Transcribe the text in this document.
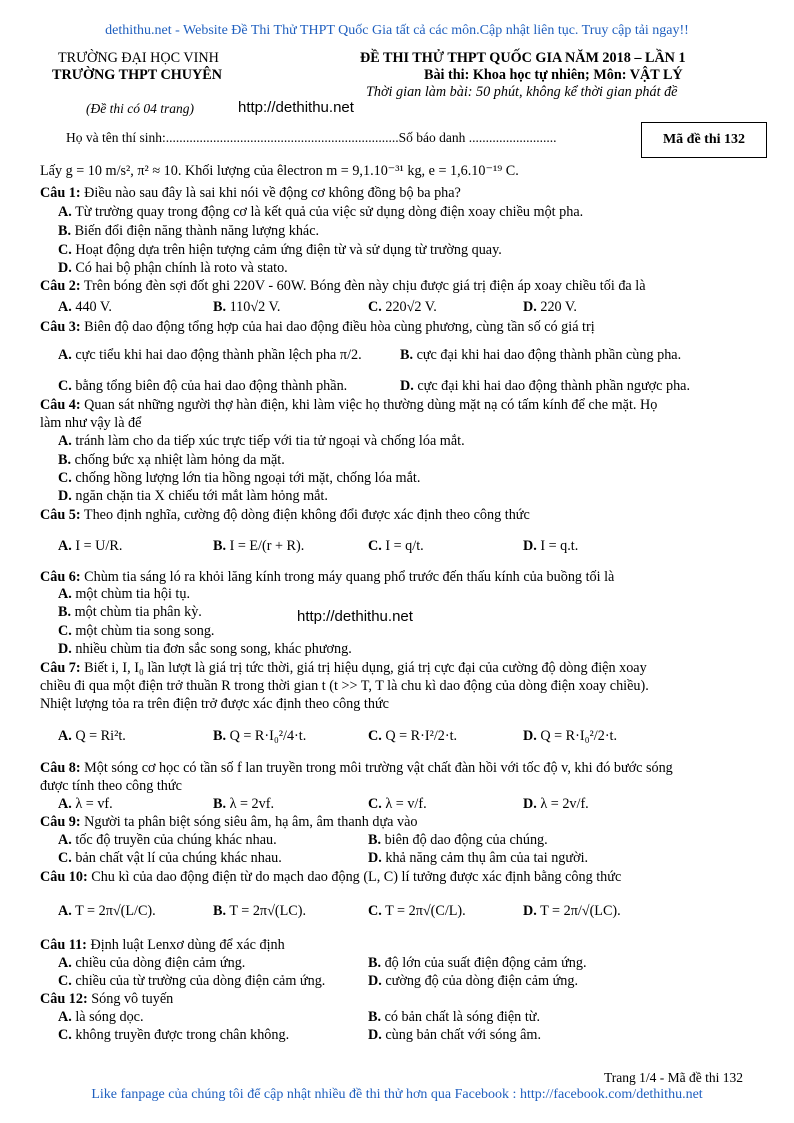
dethithu.net - Website Đề Thi Thử THPT Quốc Gia tất cả các môn.Cập nhật liên tục. Truy cập tải ngay!!
TRƯỜNG ĐẠI HỌC VINH
TRƯỜNG THPT CHUYÊN
ĐỀ THI THỬ THPT QUỐC GIA NĂM 2018 – LẦN 1
Bài thi: Khoa học tự nhiên; Môn: VẬT LÝ
Thời gian làm bài: 50 phút, không kể thời gian phát đề
(Đề thi có 04 trang)	http://dethithu.net
Họ và tên thí sinh:.....................................................................Số báo danh ..........................	Mã đề thi 132
Lấy g = 10 m/s², π² ≈ 10. Khối lượng của êlectron m = 9,1.10⁻³¹ kg, e = 1,6.10⁻¹⁹ C.
Câu 1: Điều nào sau đây là sai khi nói về động cơ không đồng bộ ba pha?
A. Từ trường quay trong động cơ là kết quả của việc sử dụng dòng điện xoay chiều một pha.
B. Biến đổi điện năng thành năng lượng khác.
C. Hoạt động dựa trên hiện tượng cảm ứng điện từ và sử dụng từ trường quay.
D. Có hai bộ phận chính là roto và stato.
Câu 2: Trên bóng đèn sợi đốt ghi 220V - 60W. Bóng đèn này chịu được giá trị điện áp xoay chiều tối đa là
A. 440 V.	B. 110√2 V.	C. 220√2 V.	D. 220 V.
Câu 3: Biên độ dao động tổng hợp của hai dao động điều hòa cùng phương, cùng tần số có giá trị
A. cực tiểu khi hai dao động thành phần lệch pha π/2.	B. cực đại khi hai dao động thành phần cùng pha.
C. bằng tổng biên độ của hai dao động thành phần.	D. cực đại khi hai dao động thành phần ngược pha.
Câu 4: Quan sát những người thợ hàn điện, khi làm việc họ thường dùng mặt nạ có tấm kính để che mặt. Họ
làm như vậy là để
A. tránh làm cho da tiếp xúc trực tiếp với tia tử ngoại và chống lóa mắt.
B. chống bức xạ nhiệt làm hỏng da mặt.
C. chống hồng lượng lớn tia hồng ngoại tới mặt, chống lóa mắt.
D. ngăn chặn tia X chiếu tới mắt làm hỏng mắt.
Câu 5: Theo định nghĩa, cường độ dòng điện không đổi được xác định theo công thức
A. I = U/R.	B. I = E/(r + R).	C. I = q/t.	D. I = q.t.
Câu 6: Chùm tia sáng ló ra khỏi lăng kính trong máy quang phổ trước đến thấu kính của buồng tối là
A. một chùm tia hội tụ.
B. một chùm tia phân kỳ.	http://dethithu.net
C. một chùm tia song song.
D. nhiều chùm tia đơn sắc song song, khác phương.
Câu 7: Biết i, I, I₀ lần lượt là giá trị tức thời, giá trị hiệu dụng, giá trị cực đại của cường độ dòng điện xoay
chiều đi qua một điện trở thuần R trong thời gian t (t >> T, T là chu kì dao động của dòng điện xoay chiều).
Nhiệt lượng tỏa ra trên điện trở được xác định theo công thức
A. Q = Ri²t.	B. Q = R·I₀²/4·t.	C. Q = R·I²/2·t.	D. Q = R·I₀²/2·t.
Câu 8: Một sóng cơ học có tần số f lan truyền trong môi trường vật chất đàn hồi với tốc độ v, khi đó bước sóng
được tính theo công thức
A. λ = vf.	B. λ = 2vf.	C. λ = v/f.	D. λ = 2v/f.
Câu 9: Người ta phân biệt sóng siêu âm, hạ âm, âm thanh dựa vào
A. tốc độ truyền của chúng khác nhau.	B. biên độ dao động của chúng.
C. bản chất vật lí của chúng khác nhau.	D. khả năng cảm thụ âm của tai người.
Câu 10: Chu kì của dao động điện từ do mạch dao động (L, C) lí tưởng được xác định bằng công thức
A. T = 2π√(L/C).	B. T = 2π√(LC).	C. T = 2π√(C/L).	D. T = 2π/√(LC).
Câu 11: Định luật Lenxơ dùng để xác định
A. chiều của dòng điện cảm ứng.	B. độ lớn của suất điện động cảm ứng.
C. chiều của từ trường của dòng điện cảm ứng.	D. cường độ của dòng điện cảm ứng.
Câu 12: Sóng vô tuyến
A. là sóng dọc.	B. có bản chất là sóng điện từ.
C. không truyền được trong chân không.	D. cùng bản chất với sóng âm.
Trang 1/4 - Mã đề thi 132
Like fanpage của chúng tôi để cập nhật nhiều đề thi thử hơn qua Facebook : http://facebook.com/dethithu.net
